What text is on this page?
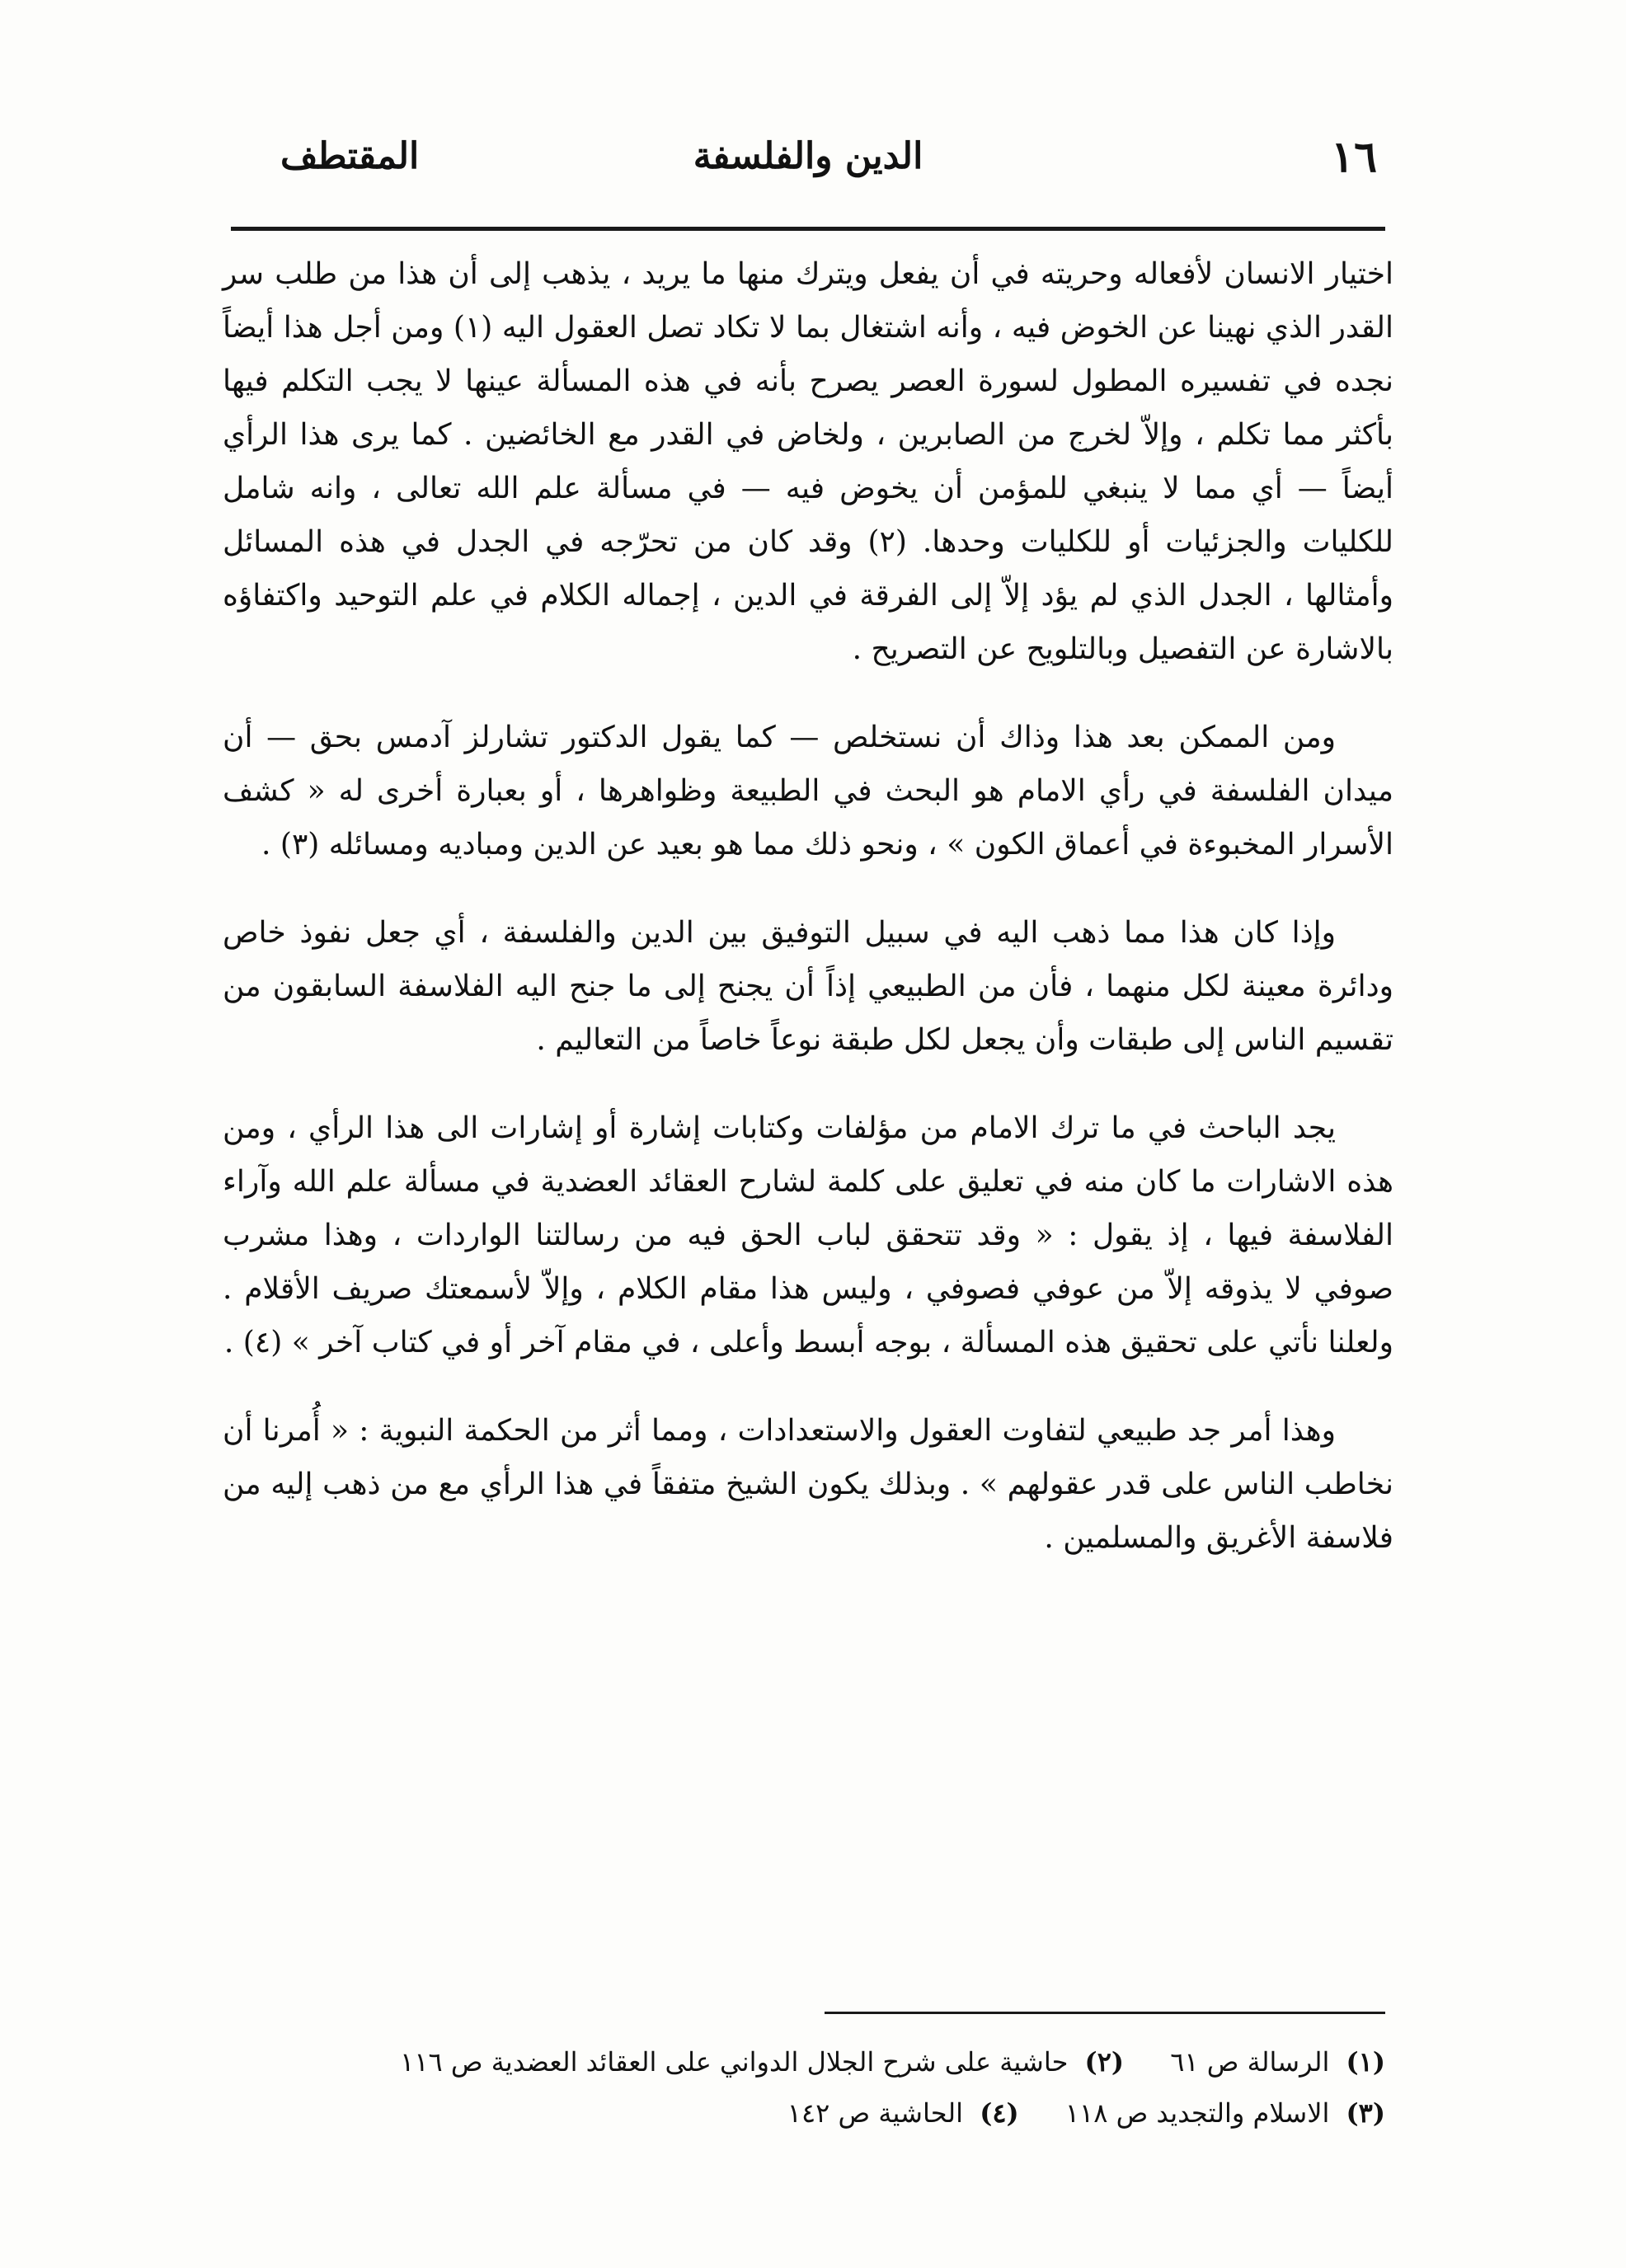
١٦
الدين والفلسفة
المقتطف

اختيار الانسان لأفعاله وحريته في أن يفعل ويترك منها ما يريد ، يذهب إلى أن هذا من طلب سر القدر الذي نهينا عن الخوض فيه ، وأنه اشتغال بما لا تكاد تصل العقول اليه (١) ومن أجل هذا أيضاً نجده في تفسيره المطول لسورة العصر يصرح بأنه في هذه المسألة عينها لا يجب التكلم فيها بأكثر مما تكلم ، وإلاّ لخرج من الصابرين ، ولخاض في القدر مع الخائضين . كما يرى هذا الرأي أيضاً — أي مما لا ينبغي للمؤمن أن يخوض فيه — في مسألة علم الله تعالى ، وانه شامل للكليات والجزئيات أو للكليات وحدها. (٢) وقد كان من تحرّجه في الجدل في هذه المسائل وأمثالها ، الجدل الذي لم يؤد إلاّ إلى الفرقة في الدين ، إجماله الكلام في علم التوحيد واكتفاؤه بالاشارة عن التفصيل وبالتلويح عن التصريح .

ومن الممكن بعد هذا وذاك أن نستخلص — كما يقول الدكتور تشارلز آدمس بحق — أن ميدان الفلسفة في رأي الامام هو البحث في الطبيعة وظواهرها ، أو بعبارة أخرى له « كشف الأسرار المخبوءة في أعماق الكون » ، ونحو ذلك مما هو بعيد عن الدين ومباديه ومسائله (٣) .

وإذا كان هذا مما ذهب اليه في سبيل التوفيق بين الدين والفلسفة ، أي جعل نفوذ خاص ودائرة معينة لكل منهما ، فأن من الطبيعي إذاً أن يجنح إلى ما جنح اليه الفلاسفة السابقون من تقسيم الناس إلى طبقات وأن يجعل لكل طبقة نوعاً خاصاً من التعاليم .

يجد الباحث في ما ترك الامام من مؤلفات وكتابات إشارة أو إشارات الى هذا الرأي ، ومن هذه الاشارات ما كان منه في تعليق على كلمة لشارح العقائد العضدية في مسألة علم الله وآراء الفلاسفة فيها ، إذ يقول : « وقد تتحقق لباب الحق فيه من رسالتنا الواردات ، وهذا مشرب صوفي لا يذوقه إلاّ من عوفي فصوفي ، وليس هذا مقام الكلام ، وإلاّ لأسمعتك صريف الأقلام . ولعلنا نأتي على تحقيق هذه المسألة ، بوجه أبسط وأعلى ، في مقام آخر أو في كتاب آخر » (٤) .

وهذا أمر جد طبيعي لتفاوت العقول والاستعدادات ، ومما أثر من الحكمة النبوية : « أُمرنا أن نخاطب الناس على قدر عقولهم » . وبذلك يكون الشيخ متفقاً في هذا الرأي مع من ذهب إليه من فلاسفة الأغريق والمسلمين .

(١) الرسالة ص ٦١ (٢) حاشية على شرح الجلال الدواني على العقائد العضدية ص ١١٦
(٣) الاسلام والتجديد ص ١١٨ (٤) الحاشية ص ١٤٢
